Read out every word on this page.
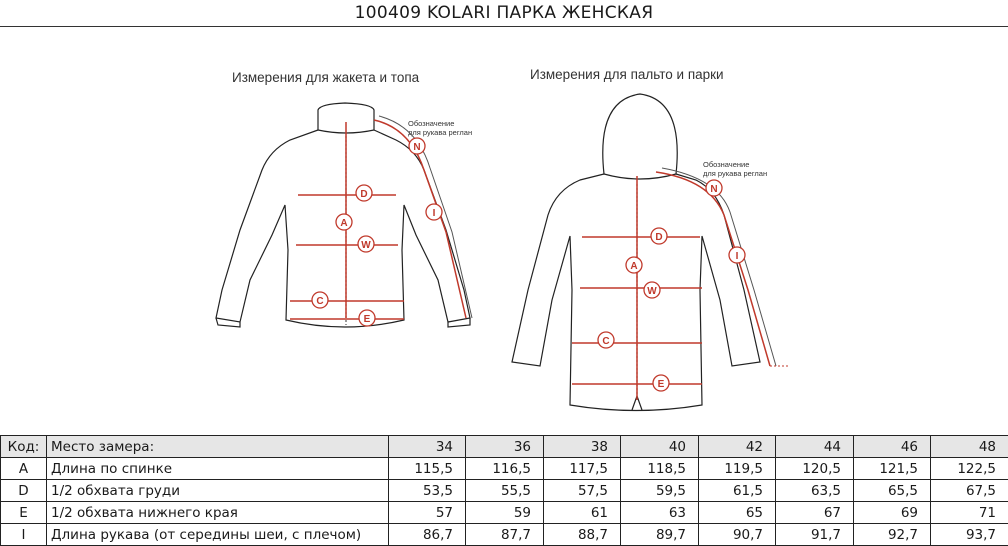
100409 KOLARI ПАРКА ЖЕНСКАЯ
Измерения для жакета и топа	Измерения для пальто и парки
Обозначение
для рукава реглан
Обозначение
для рукава реглан
D
A
W
C
E
N
I
N
D
A
W
I
C
E
Код:	Место замера:	34	36	38	40	42	44	46	48
A	Длина по спинке	115,5	116,5	117,5	118,5	119,5	120,5	121,5	122,5
D	1/2 обхвата груди	53,5	55,5	57,5	59,5	61,5	63,5	65,5	67,5
E	1/2 обхвата нижнего края	57	59	61	63	65	67	69	71
I	Длина рукава (от середины шеи, с плечом)	86,7	87,7	88,7	89,7	90,7	91,7	92,7	93,7
